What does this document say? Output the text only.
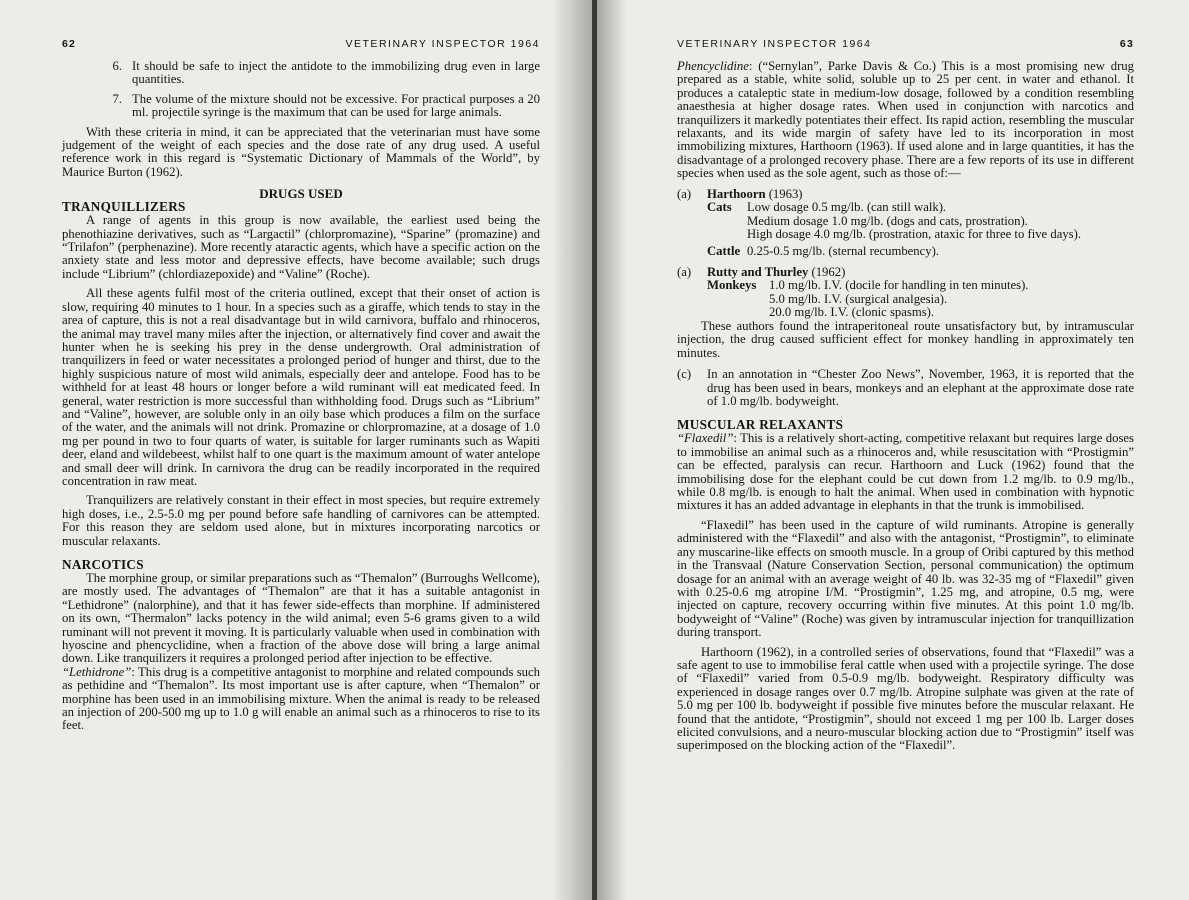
62	VETERINARY INSPECTOR 1964
6. It should be safe to inject the antidote to the immobilizing drug even in large quantities.
7. The volume of the mixture should not be excessive. For practical purposes a 20 ml. projectile syringe is the maximum that can be used for large animals.

With these criteria in mind, it can be appreciated that the veterinarian must have some judgement of the weight of each species and the dose rate of any drug used. A useful reference work in this regard is “Systematic Dictionary of Mammals of the World”, by Maurice Burton (1962).

DRUGS USED
TRANQUILLIZERS

A range of agents in this group is now available, the earliest used being the phenothiazine derivatives, such as “Largactil” (chlorpromazine), “Sparine” (promazine) and “Trilafon” (perphenazine). More recently ataractic agents, which have a specific action on the anxiety state and less motor and depressive effects, have become available; such drugs include “Librium” (chlordiazepoxide) and “Valine” (Roche).

All these agents fulfil most of the criteria outlined, except that their onset of action is slow, requiring 40 minutes to 1 hour. In a species such as a giraffe, which tends to stay in the area of capture, this is not a real disadvantage but in wild carnivora, buffalo and rhinoceros, the animal may travel many miles after the injection, or alternatively find cover and await the hunter when he is seeking his prey in the dense undergrowth. Oral administration of tranquilizers in feed or water necessitates a prolonged period of hunger and thirst, due to the highly suspicious nature of most wild animals, especially deer and antelope. Food has to be withheld for at least 48 hours or longer before a wild ruminant will eat medicated feed. In general, water restriction is more successful than withholding food. Drugs such as “Librium” and “Valine”, however, are soluble only in an oily base which produces a film on the surface of the water, and the animals will not drink. Promazine or chlorpromazine, at a dosage of 1.0 mg per pound in two to four quarts of water, is suitable for larger ruminants such as Wapiti deer, eland and wildebeest, whilst half to one quart is the maximum amount of water antelope and small deer will drink. In carnivora the drug can be readily incorporated in the required concentration in raw meat.

Tranquilizers are relatively constant in their effect in most species, but require extremely high doses, i.e., 2.5-5.0 mg per pound before safe handling of carnivores can be attempted. For this reason they are seldom used alone, but in mixtures incorporating narcotics or muscular relaxants.

NARCOTICS

The morphine group, or similar preparations such as “Themalon” (Burroughs Wellcome), are mostly used. The advantages of “Themalon” are that it has a suitable antagonist in “Lethidrone” (nalorphine), and that it has fewer side-effects than morphine. If administered on its own, “Thermalon” lacks potency in the wild animal; even 5-6 grams given to a wild ruminant will not prevent it moving. It is particularly valuable when used in combination with hyoscine and phencyclidine, when a fraction of the above dose will bring a large animal down. Like tranquilizers it requires a prolonged period after injection to be effective.

“Lethidrone”: This drug is a competitive antagonist to morphine and related compounds such as pethidine and “Themalon”. Its most important use is after capture, when “Themalon” or morphine has been used in an immobilising mixture. When the animal is ready to be released an injection of 200-500 mg up to 1.0 g will enable an animal such as a rhinoceros to rise to its feet.

VETERINARY INSPECTOR 1964	63

Phencyclidine: (“Sernylan”, Parke Davis & Co.) This is a most promising new drug prepared as a stable, white solid, soluble up to 25 per cent. in water and ethanol. It produces a cataleptic state in medium-low dosage, followed by a condition resembling anaesthesia at higher dosage rates. When used in conjunction with narcotics and tranquilizers it markedly potentiates their effect. Its rapid action, resembling the muscular relaxants, and its wide margin of safety have led to its incorporation in most immobilizing mixtures, Harthoorn (1963). If used alone and in large quantities, it has the disadvantage of a prolonged recovery phase. There are a few reports of its use in different species when used as the sole agent, such as those of:—

(a)	Harthoorn (1963)
Cats	Low dosage 0.5 mg/lb. (can still walk).
Medium dosage 1.0 mg/lb. (dogs and cats, prostration).
High dosage 4.0 mg/lb. (prostration, ataxic for three to five days).
Cattle 0.25-0.5 mg/lb. (sternal recumbency).
(a)	Rutty and Thurley (1962)
Monkeys 1.0 mg/lb. I.V. (docile for handling in ten minutes).
5.0 mg/lb. I.V. (surgical analgesia).
20.0 mg/lb. I.V. (clonic spasms).

These authors found the intraperitoneal route unsatisfactory but, by intramuscular injection, the drug caused sufficient effect for monkey handling in approximately ten minutes.

(c)	In an annotation in “Chester Zoo News”, November, 1963, it is reported that the drug has been used in bears, monkeys and an elephant at the approximate dose rate of 1.0 mg/lb. bodyweight.
MUSCULAR RELAXANTS

“Flaxedil”: This is a relatively short-acting, competitive relaxant but requires large doses to immobilise an animal such as a rhinoceros and, while resuscitation with “Prostigmin” can be effected, paralysis can recur. Harthoorn and Luck (1962) found that the immobilising dose for the elephant could be cut down from 1.2 mg/lb. to 0.9 mg/lb., while 0.8 mg/lb. is enough to halt the animal. When used in combination with hypnotic mixtures it has an added advantage in elephants in that the trunk is immobilised.

“Flaxedil” has been used in the capture of wild ruminants. Atropine is generally administered with the “Flaxedil” and also with the antagonist, “Prostigmin”, to eliminate any muscarine-like effects on smooth muscle. In a group of Oribi captured by this method in the Transvaal (Nature Conservation Section, personal communication) the optimum dosage for an animal with an average weight of 40 lb. was 32-35 mg of “Flaxedil” given with 0.25-0.6 mg atropine I/M. “Prostigmin”, 1.25 mg, and atropine, 0.5 mg, were injected on capture, recovery occurring within five minutes. At this point 1.0 mg/lb. bodyweight of “Valine” (Roche) was given by intramuscular injection for tranquillization during transport.

Harthoorn (1962), in a controlled series of observations, found that “Flaxedil” was a safe agent to use to immobilise feral cattle when used with a projectile syringe. The dose of “Flaxedil” varied from 0.5-0.9 mg/lb. bodyweight. Respiratory difficulty was experienced in dosage ranges over 0.7 mg/lb. Atropine sulphate was given at the rate of 5.0 mg per 100 lb. bodyweight if possible five minutes before the muscular relaxant. He found that the antidote, “Prostigmin”, should not exceed 1 mg per 100 lb. Larger doses elicited convulsions, and a neuro-muscular blocking action due to “Prostigmin” itself was superimposed on the blocking action of the “Flaxedil”.
